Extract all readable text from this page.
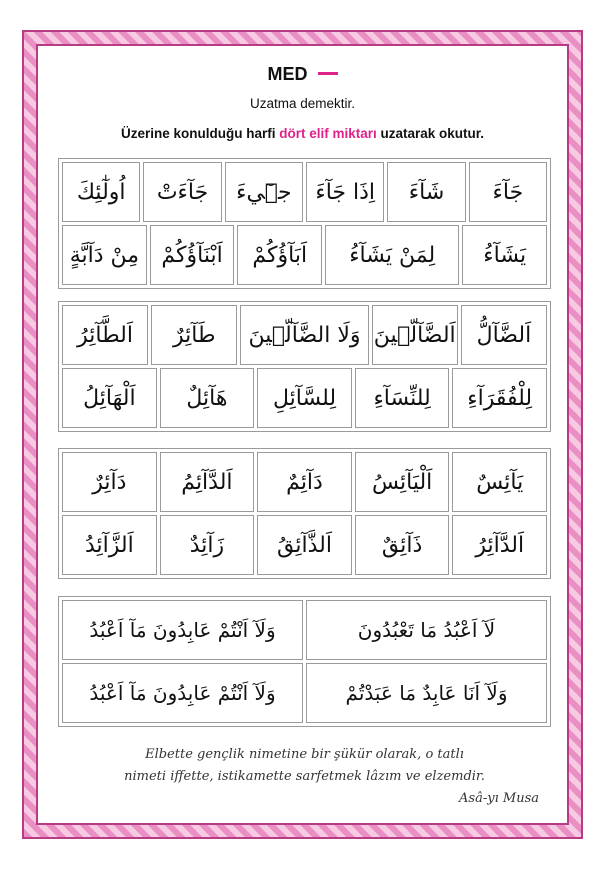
MED
Uzatma demektir.
Üzerine konulduğu harfi dört elif miktarı uzatarak okutur.
جَآءَ
شَآءَ
اِذَا جَآءَ
جٖٓيءَ
جَآءَتْ
اُولٰٓئِكَ
يَشَآءُ
لِمَنْ يَشَآءُ
اَبَآؤُكُمْ
اَبْنَآؤُكُمْ
مِنْ دَآبَّةٍ
اَلضَّآلُّ
اَلضَّآلّٖينَ
وَلَا الضَّآلّٖينَ
طَآئِرٌ
اَلطَّآئِرُ
لِلْفُقَرَآءِ
لِلنِّسَآءِ
لِلسَّآئِلِ
هَآئِلٌ
اَلْهَآئِلُ
يَآئِسٌ
اَلْيَآئِسُ
دَآئِمٌ
اَلدَّآئِمُ
دَآئِرٌ
اَلدَّآئِرُ
ذَآئِقٌ
اَلذَّآئِقُ
زَآئِدٌ
اَلزَّآئِدُ
لَآ اَعْبُدُ مَا تَعْبُدُونَ
وَلَآ اَنْتُمْ عَابِدُونَ مَآ اَعْبُدُ
وَلَآ اَنَا عَابِدٌ مَا عَبَدْتُمْ
وَلَآ اَنْتُمْ عَابِدُونَ مَآ اَعْبُدُ
Elbette gençlik nimetine bir şükür olarak, o tatlı
nimeti iffette, istikamette sarfetmek lâzım ve elzemdir.
Asâ-yı Musa
